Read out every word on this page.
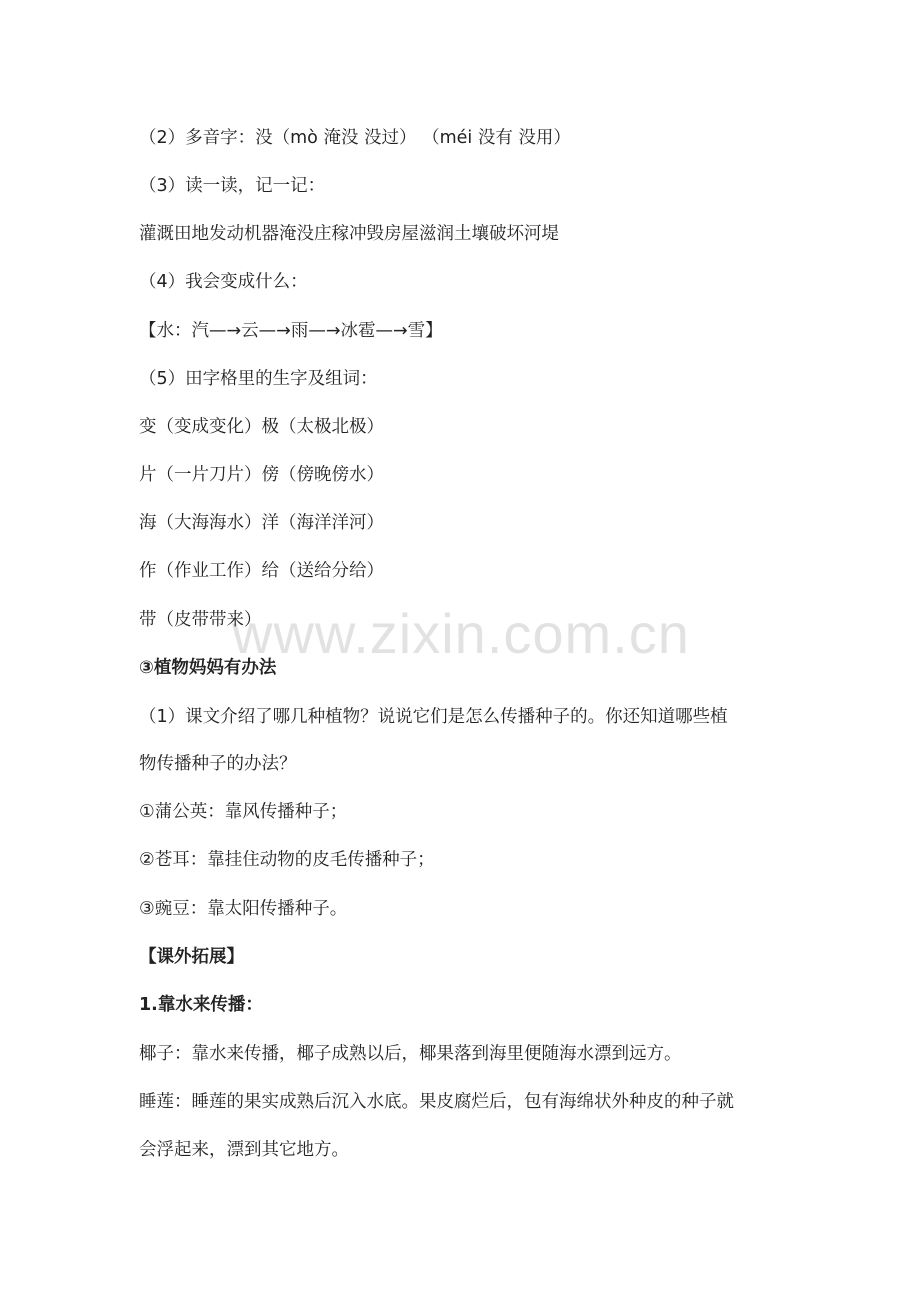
（2）多音字：没（mò 淹没 没过） （méi 没有 没用）
（3）读一读，记一记：
灌溉田地发动机器淹没庄稼冲毁房屋滋润土壤破坏河堤
（4）我会变成什么：
【水：汽—→云—→雨—→冰雹—→雪】
（5）田字格里的生字及组词：
变（变成变化）极（太极北极）
片（一片刀片）傍（傍晚傍水）
海（大海海水）洋（海洋洋河）
作（作业工作）给（送给分给）
带（皮带带来）
③植物妈妈有办法
（1）课文介绍了哪几种植物？说说它们是怎么传播种子的。你还知道哪些植
物传播种子的办法？
①蒲公英：靠风传播种子；
②苍耳：靠挂住动物的皮毛传播种子；
③豌豆：靠太阳传播种子。
【课外拓展】
1.靠水来传播：
椰子：靠水来传播，椰子成熟以后，椰果落到海里便随海水漂到远方。
睡莲：睡莲的果实成熟后沉入水底。果皮腐烂后，包有海绵状外种皮的种子就
会浮起来，漂到其它地方。
www.zixin.com.cn
